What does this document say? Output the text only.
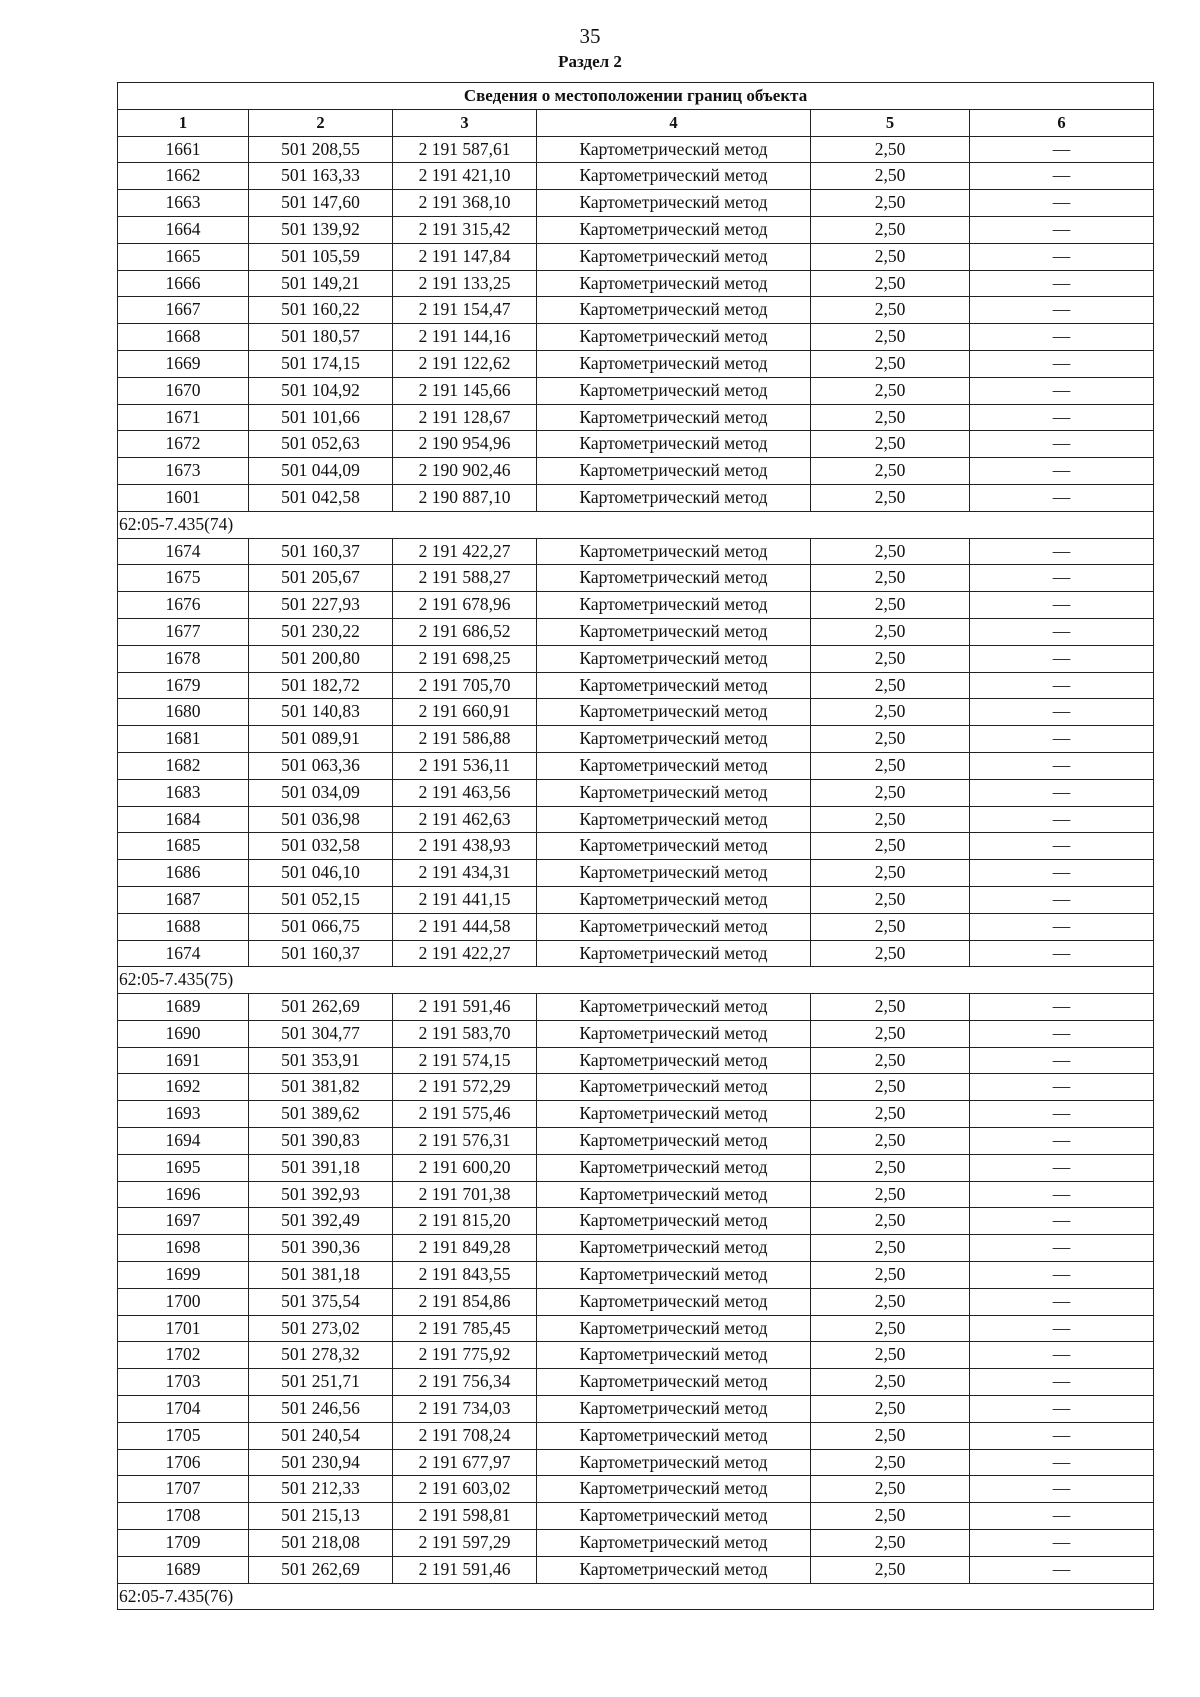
35
Раздел 2
Сведения о местоположении границ объекта					
1	2	3	4	5	6
1661	501 208,55	2 191 587,61	Картометрический метод	2,50	—
1662	501 163,33	2 191 421,10	Картометрический метод	2,50	—
1663	501 147,60	2 191 368,10	Картометрический метод	2,50	—
1664	501 139,92	2 191 315,42	Картометрический метод	2,50	—
1665	501 105,59	2 191 147,84	Картометрический метод	2,50	—
1666	501 149,21	2 191 133,25	Картометрический метод	2,50	—
1667	501 160,22	2 191 154,47	Картометрический метод	2,50	—
1668	501 180,57	2 191 144,16	Картометрический метод	2,50	—
1669	501 174,15	2 191 122,62	Картометрический метод	2,50	—
1670	501 104,92	2 191 145,66	Картометрический метод	2,50	—
1671	501 101,66	2 191 128,67	Картометрический метод	2,50	—
1672	501 052,63	2 190 954,96	Картометрический метод	2,50	—
1673	501 044,09	2 190 902,46	Картометрический метод	2,50	—
1601	501 042,58	2 190 887,10	Картометрический метод	2,50	—
62:05-7.435(74)					
1674	501 160,37	2 191 422,27	Картометрический метод	2,50	—
1675	501 205,67	2 191 588,27	Картометрический метод	2,50	—
1676	501 227,93	2 191 678,96	Картометрический метод	2,50	—
1677	501 230,22	2 191 686,52	Картометрический метод	2,50	—
1678	501 200,80	2 191 698,25	Картометрический метод	2,50	—
1679	501 182,72	2 191 705,70	Картометрический метод	2,50	—
1680	501 140,83	2 191 660,91	Картометрический метод	2,50	—
1681	501 089,91	2 191 586,88	Картометрический метод	2,50	—
1682	501 063,36	2 191 536,11	Картометрический метод	2,50	—
1683	501 034,09	2 191 463,56	Картометрический метод	2,50	—
1684	501 036,98	2 191 462,63	Картометрический метод	2,50	—
1685	501 032,58	2 191 438,93	Картометрический метод	2,50	—
1686	501 046,10	2 191 434,31	Картометрический метод	2,50	—
1687	501 052,15	2 191 441,15	Картометрический метод	2,50	—
1688	501 066,75	2 191 444,58	Картометрический метод	2,50	—
1674	501 160,37	2 191 422,27	Картометрический метод	2,50	—
62:05-7.435(75)					
1689	501 262,69	2 191 591,46	Картометрический метод	2,50	—
1690	501 304,77	2 191 583,70	Картометрический метод	2,50	—
1691	501 353,91	2 191 574,15	Картометрический метод	2,50	—
1692	501 381,82	2 191 572,29	Картометрический метод	2,50	—
1693	501 389,62	2 191 575,46	Картометрический метод	2,50	—
1694	501 390,83	2 191 576,31	Картометрический метод	2,50	—
1695	501 391,18	2 191 600,20	Картометрический метод	2,50	—
1696	501 392,93	2 191 701,38	Картометрический метод	2,50	—
1697	501 392,49	2 191 815,20	Картометрический метод	2,50	—
1698	501 390,36	2 191 849,28	Картометрический метод	2,50	—
1699	501 381,18	2 191 843,55	Картометрический метод	2,50	—
1700	501 375,54	2 191 854,86	Картометрический метод	2,50	—
1701	501 273,02	2 191 785,45	Картометрический метод	2,50	—
1702	501 278,32	2 191 775,92	Картометрический метод	2,50	—
1703	501 251,71	2 191 756,34	Картометрический метод	2,50	—
1704	501 246,56	2 191 734,03	Картометрический метод	2,50	—
1705	501 240,54	2 191 708,24	Картометрический метод	2,50	—
1706	501 230,94	2 191 677,97	Картометрический метод	2,50	—
1707	501 212,33	2 191 603,02	Картометрический метод	2,50	—
1708	501 215,13	2 191 598,81	Картометрический метод	2,50	—
1709	501 218,08	2 191 597,29	Картометрический метод	2,50	—
1689	501 262,69	2 191 591,46	Картометрический метод	2,50	—
62:05-7.435(76)					
